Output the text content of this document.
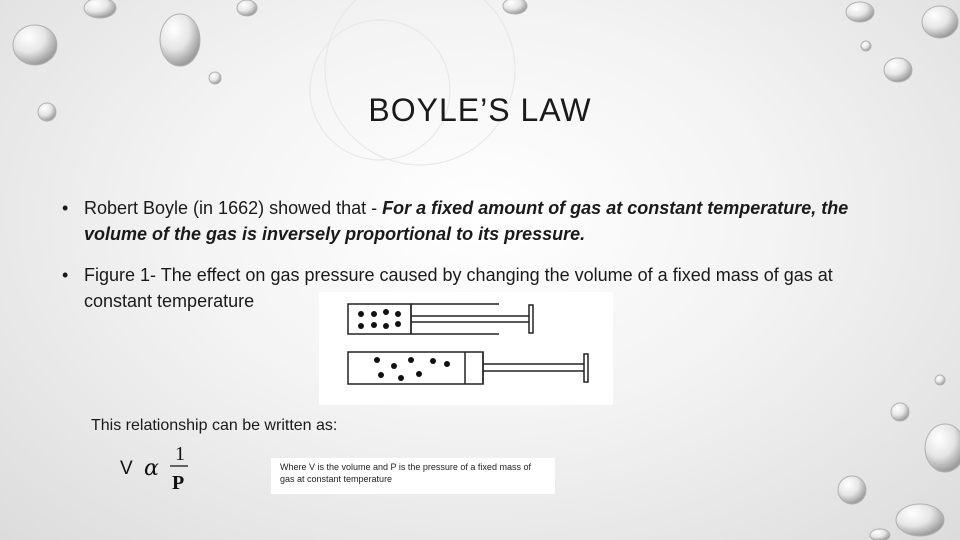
BOYLE’S LAW
• Robert Boyle (in 1662) showed that - For a fixed amount of gas at constant temperature, the volume of the gas is inversely proportional to its pressure.
• Figure 1- The effect on gas pressure caused by changing the volume of a fixed mass of gas at constant temperature
This relationship can be written as:
V α
1
P
Where V is the volume and P is the pressure of a fixed mass of gas at constant temperature
